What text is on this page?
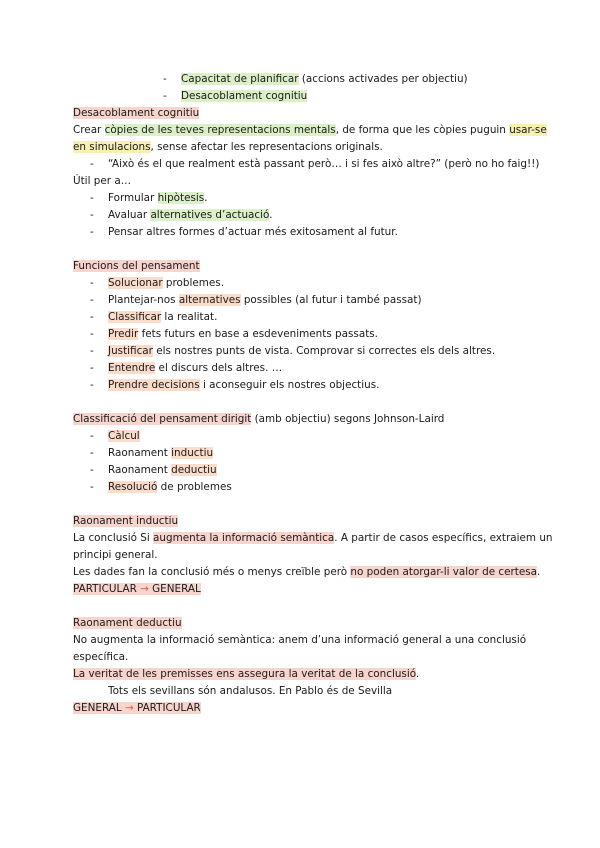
-	Capacitat de planificar (accions activades per objectiu)
-	Desacoblament cognitiu
Desacoblament cognitiu
Crear còpies de les teves representacions mentals, de forma que les còpies puguin usar-se
en simulacions, sense afectar les representacions originals.
-	“Això és el que realment està passant però… i si fes això altre?” (però no ho faig!!)
Útil per a…
-	Formular hipòtesis.
-	Avaluar alternatives d’actuació.
-	Pensar altres formes d’actuar més exitosament al futur.
Funcions del pensament
-	Solucionar problemes.
-	Plantejar-nos alternatives possibles (al futur i també passat)
-	Classificar la realitat.
-	Predir fets futurs en base a esdeveniments passats.
-	Justificar els nostres punts de vista. Comprovar si correctes els dels altres.
-	Entendre el discurs dels altres. …
-	Prendre decisions i aconseguir els nostres objectius.
Classificació del pensament dirigit (amb objectiu) segons Johnson-Laird
-	Càlcul
-	Raonament inductiu
-	Raonament deductiu
-	Resolució de problemes
Raonament inductiu
La conclusió Si augmenta la informació semàntica. A partir de casos específics, extraiem un
principi general.
Les dades fan la conclusió més o menys creïble però no poden atorgar-li valor de certesa.
PARTICULAR → GENERAL
Raonament deductiu
No augmenta la informació semàntica: anem d’una informació general a una conclusió
específica.
La veritat de les premisses ens assegura la veritat de la conclusió.
Tots els sevillans són andalusos. En Pablo és de Sevilla
GENERAL → PARTICULAR
